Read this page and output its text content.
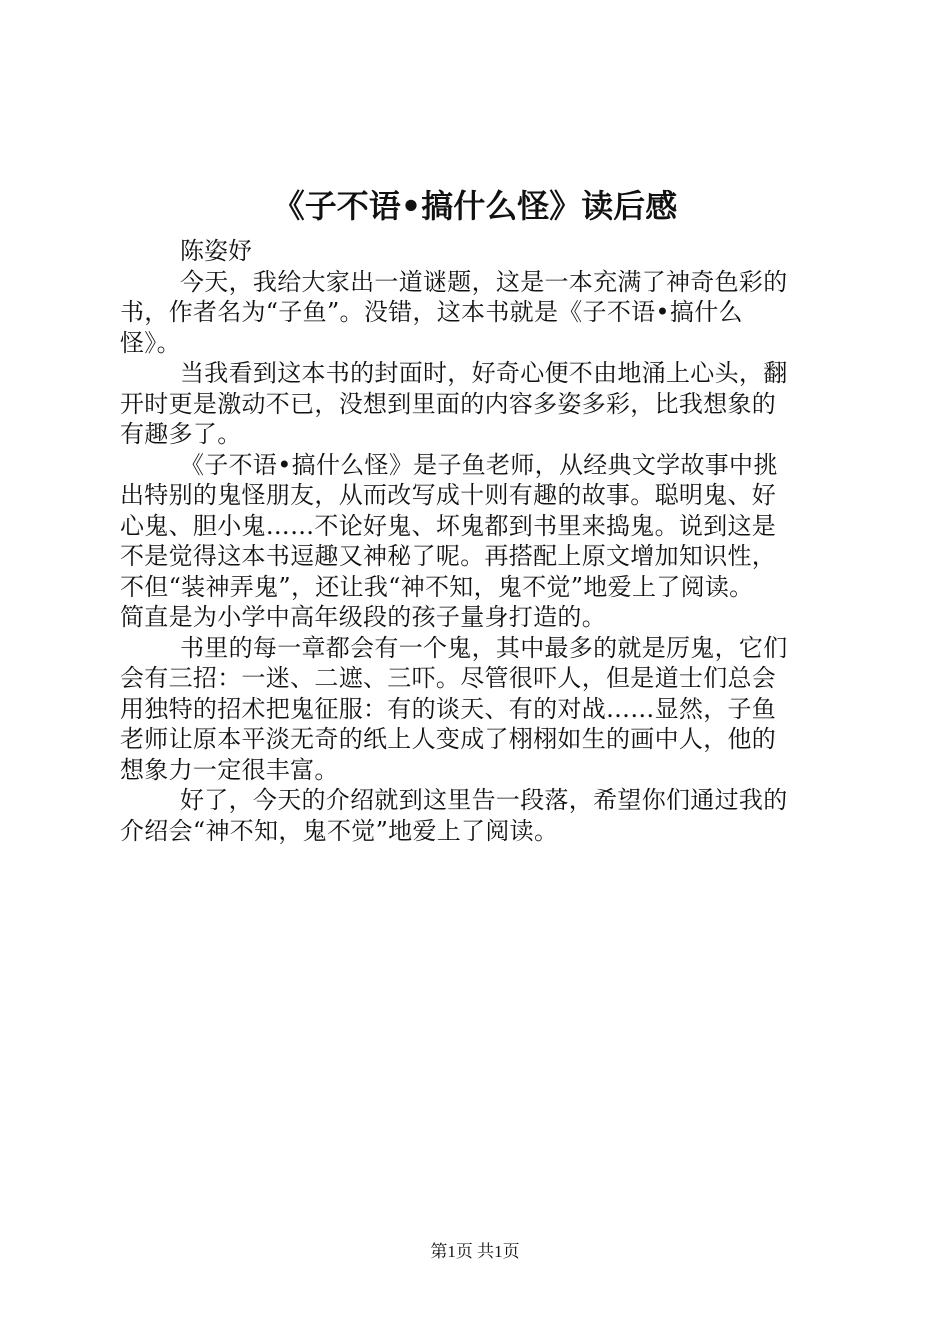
《子不语•搞什么怪》读后感

陈姿妤

今天，我给大家出一道谜题，这是一本充满了神奇色彩的
书，作者名为“子鱼”。没错，这本书就是《子不语•搞什么
怪》。
当我看到这本书的封面时，好奇心便不由地涌上心头，翻
开时更是激动不已，没想到里面的内容多姿多彩，比我想象的
有趣多了。
《子不语•搞什么怪》是子鱼老师，从经典文学故事中挑
出特别的鬼怪朋友，从而改写成十则有趣的故事。聪明鬼、好
心鬼、胆小鬼……不论好鬼、坏鬼都到书里来捣鬼。说到这是
不是觉得这本书逗趣又神秘了呢。再搭配上原文增加知识性，
不但“装神弄鬼”，还让我“神不知，鬼不觉”地爱上了阅读。
简直是为小学中高年级段的孩子量身打造的。
书里的每一章都会有一个鬼，其中最多的就是厉鬼，它们
会有三招：一迷、二遮、三吓。尽管很吓人，但是道士们总会
用独特的招术把鬼征服：有的谈天、有的对战……显然，子鱼
老师让原本平淡无奇的纸上人变成了栩栩如生的画中人，他的
想象力一定很丰富。
好了，今天的介绍就到这里告一段落，希望你们通过我的
介绍会“神不知，鬼不觉”地爱上了阅读。
第1页 共1页
